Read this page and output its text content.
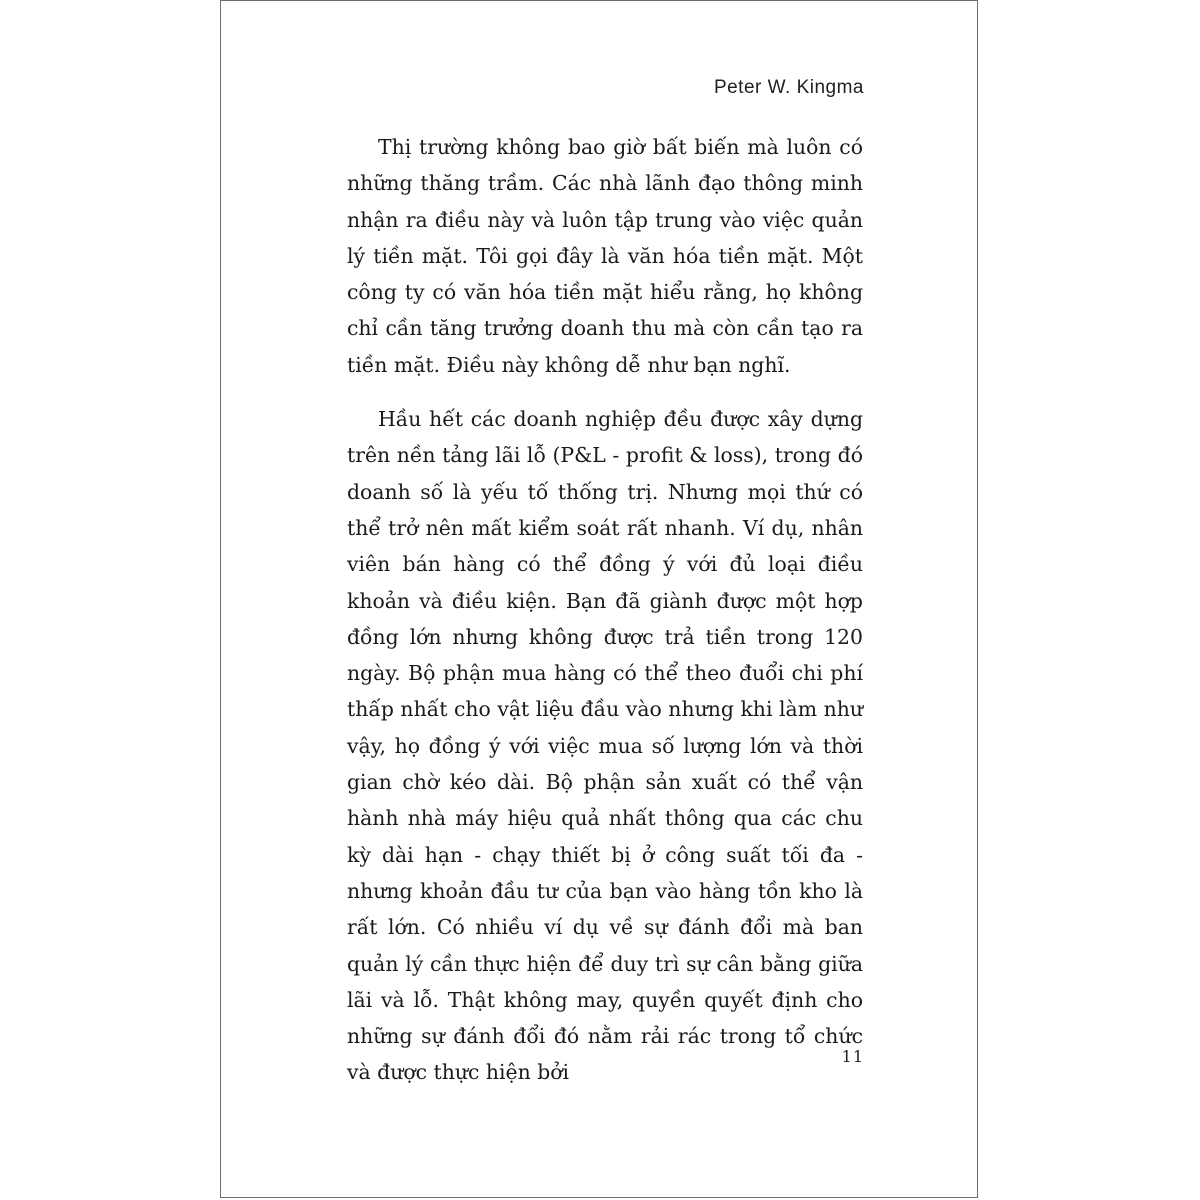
Peter W. Kingma

Thị trường không bao giờ bất biến mà luôn có những thăng trầm. Các nhà lãnh đạo thông minh nhận ra điều này và luôn tập trung vào việc quản lý tiền mặt. Tôi gọi đây là văn hóa tiền mặt. Một công ty có văn hóa tiền mặt hiểu rằng, họ không chỉ cần tăng trưởng doanh thu mà còn cần tạo ra tiền mặt. Điều này không dễ như bạn nghĩ.

Hầu hết các doanh nghiệp đều được xây dựng trên nền tảng lãi lỗ (P&L - profit & loss), trong đó doanh số là yếu tố thống trị. Nhưng mọi thứ có thể trở nên mất kiểm soát rất nhanh. Ví dụ, nhân viên bán hàng có thể đồng ý với đủ loại điều khoản và điều kiện. Bạn đã giành được một hợp đồng lớn nhưng không được trả tiền trong 120 ngày. Bộ phận mua hàng có thể theo đuổi chi phí thấp nhất cho vật liệu đầu vào nhưng khi làm như vậy, họ đồng ý với việc mua số lượng lớn và thời gian chờ kéo dài. Bộ phận sản xuất có thể vận hành nhà máy hiệu quả nhất thông qua các chu kỳ dài hạn - chạy thiết bị ở công suất tối đa - nhưng khoản đầu tư của bạn vào hàng tồn kho là rất lớn. Có nhiều ví dụ về sự đánh đổi mà ban quản lý cần thực hiện để duy trì sự cân bằng giữa lãi và lỗ. Thật không may, quyền quyết định cho những sự đánh đổi đó nằm rải rác trong tổ chức và được thực hiện bởi

11
